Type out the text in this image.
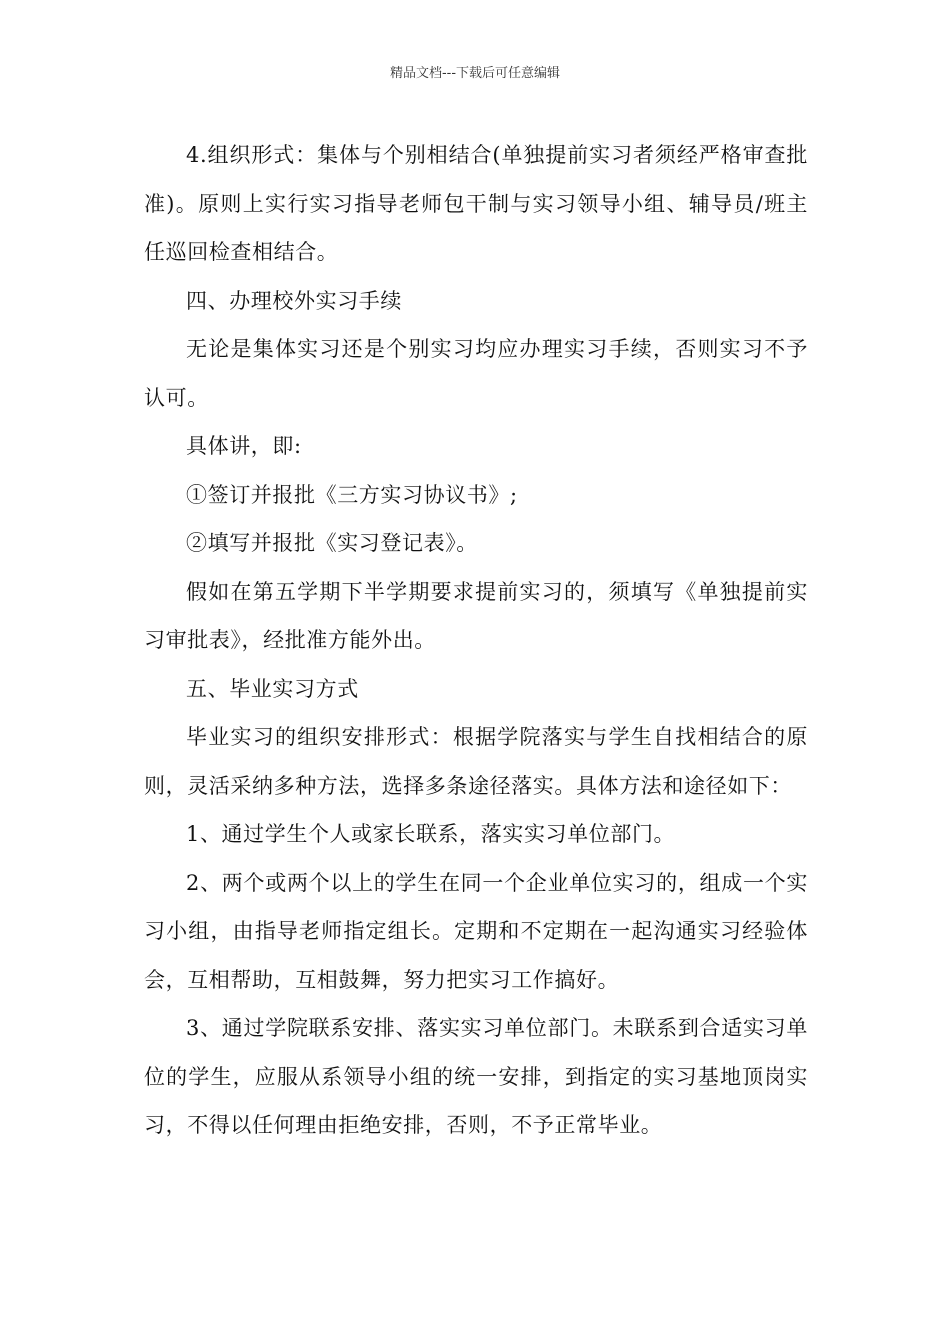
精品文档---下载后可任意编辑

4.组织形式：集体与个别相结合(单独提前实习者须经严格审查批准)。原则上实行实习指导老师包干制与实习领导小组、辅导员/班主任巡回检查相结合。

四、办理校外实习手续

无论是集体实习还是个别实习均应办理实习手续，否则实习不予认可。

具体讲，即:

①签订并报批《三方实习协议书》;

②填写并报批《实习登记表》。

假如在第五学期下半学期要求提前实习的，须填写《单独提前实习审批表》，经批准方能外出。

五、毕业实习方式

毕业实习的组织安排形式：根据学院落实与学生自找相结合的原则，灵活采纳多种方法，选择多条途径落实。具体方法和途径如下：

1、通过学生个人或家长联系，落实实习单位部门。

2、两个或两个以上的学生在同一个企业单位实习的，组成一个实习小组，由指导老师指定组长。定期和不定期在一起沟通实习经验体会，互相帮助，互相鼓舞，努力把实习工作搞好。

3、通过学院联系安排、落实实习单位部门。未联系到合适实习单位的学生，应服从系领导小组的统一安排，到指定的实习基地顶岗实习，不得以任何理由拒绝安排，否则，不予正常毕业。
